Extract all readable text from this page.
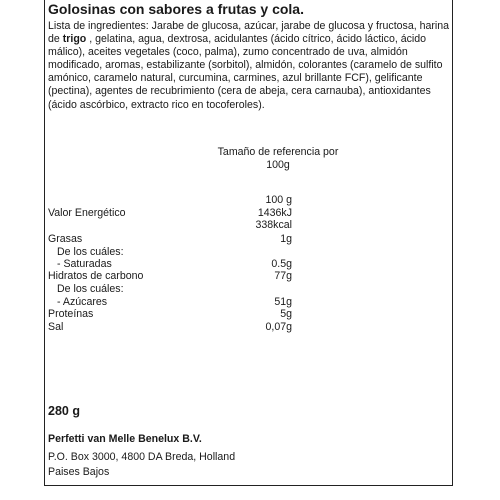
Golosinas con sabores a frutas y cola.
Lista de ingredientes: Jarabe de glucosa, azúcar, jarabe de glucosa y fructosa, harina de trigo , gelatina, agua, dextrosa, acidulantes (ácido cítrico, ácido láctico, ácido málico), aceites vegetales (coco, palma), zumo concentrado de uva, almidón modificado, aromas, estabilizante (sorbitol), almidón, colorantes (caramelo de sulfito amónico, caramelo natural, curcumina, carmines, azul brillante FCF), gelificante (pectina), agentes de recubrimiento (cera de abeja, cera carnauba), antioxidantes (ácido ascórbico, extracto rico en tocoferoles).
Tamaño de referencia por
100g
100 g
Valor Energético	1436kJ
338kcal
Grasas	1g
De los cuáles:
- Saturadas	0.5g
Hidratos de carbono	77g
De los cuáles:
- Azúcares	51g
Proteínas	5g
Sal	0,07g
280 g
Perfetti van Melle Benelux B.V.
P.O. Box 3000, 4800 DA Breda, Holland
Paises Bajos
